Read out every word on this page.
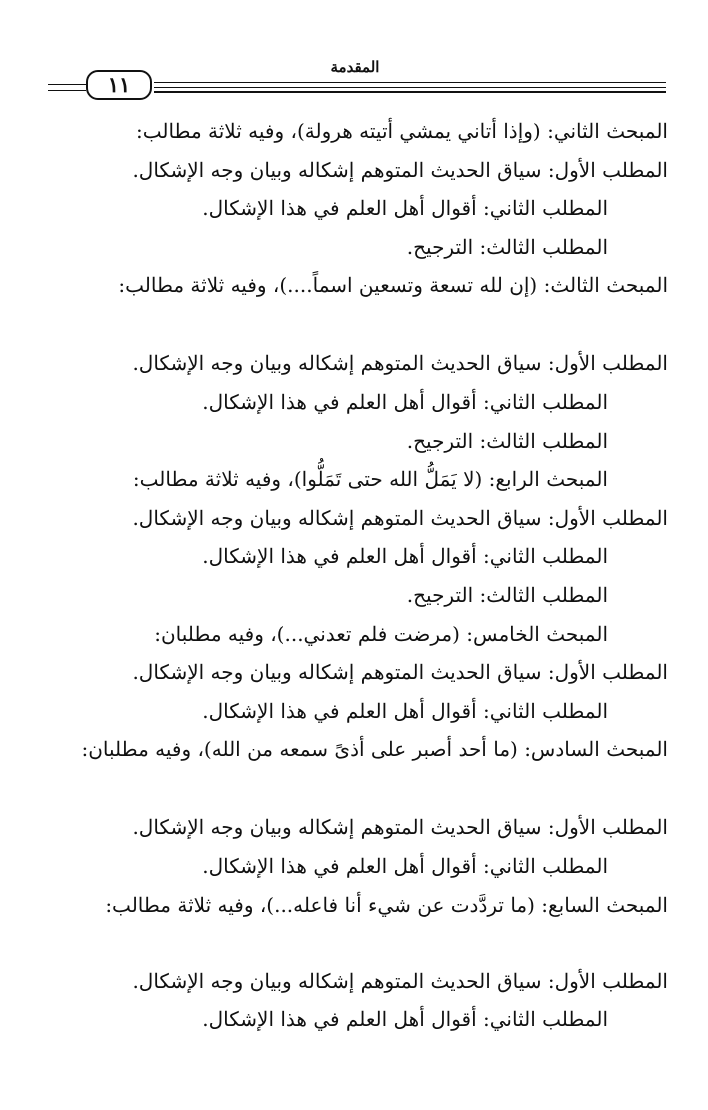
المقدمة
١١
المبحث الثاني: (وإذا أتاني يمشي أتيته هرولة)، وفيه ثلاثة مطالب:
المطلب الأول: سياق الحديث المتوهم إشكاله وبيان وجه الإشكال.
المطلب الثاني: أقوال أهل العلم في هذا الإشكال.
المطلب الثالث: الترجيح.
المبحث الثالث: (إن لله تسعة وتسعين اسماً....)، وفيه ثلاثة مطالب:
المطلب الأول: سياق الحديث المتوهم إشكاله وبيان وجه الإشكال.
المطلب الثاني: أقوال أهل العلم في هذا الإشكال.
المطلب الثالث: الترجيح.
المبحث الرابع: (لا يَمَلُّ الله حتى تَمَلُّوا)، وفيه ثلاثة مطالب:
المطلب الأول: سياق الحديث المتوهم إشكاله وبيان وجه الإشكال.
المطلب الثاني: أقوال أهل العلم في هذا الإشكال.
المطلب الثالث: الترجيح.
المبحث الخامس: (مرضت فلم تعدني...)، وفيه مطلبان:
المطلب الأول: سياق الحديث المتوهم إشكاله وبيان وجه الإشكال.
المطلب الثاني: أقوال أهل العلم في هذا الإشكال.
المبحث السادس: (ما أحد أصبر على أذىً سمعه من الله)، وفيه مطلبان:
المطلب الأول: سياق الحديث المتوهم إشكاله وبيان وجه الإشكال.
المطلب الثاني: أقوال أهل العلم في هذا الإشكال.
المبحث السابع: (ما تردَّدت عن شيء أنا فاعله...)، وفيه ثلاثة مطالب:
المطلب الأول: سياق الحديث المتوهم إشكاله وبيان وجه الإشكال.
المطلب الثاني: أقوال أهل العلم في هذا الإشكال.
